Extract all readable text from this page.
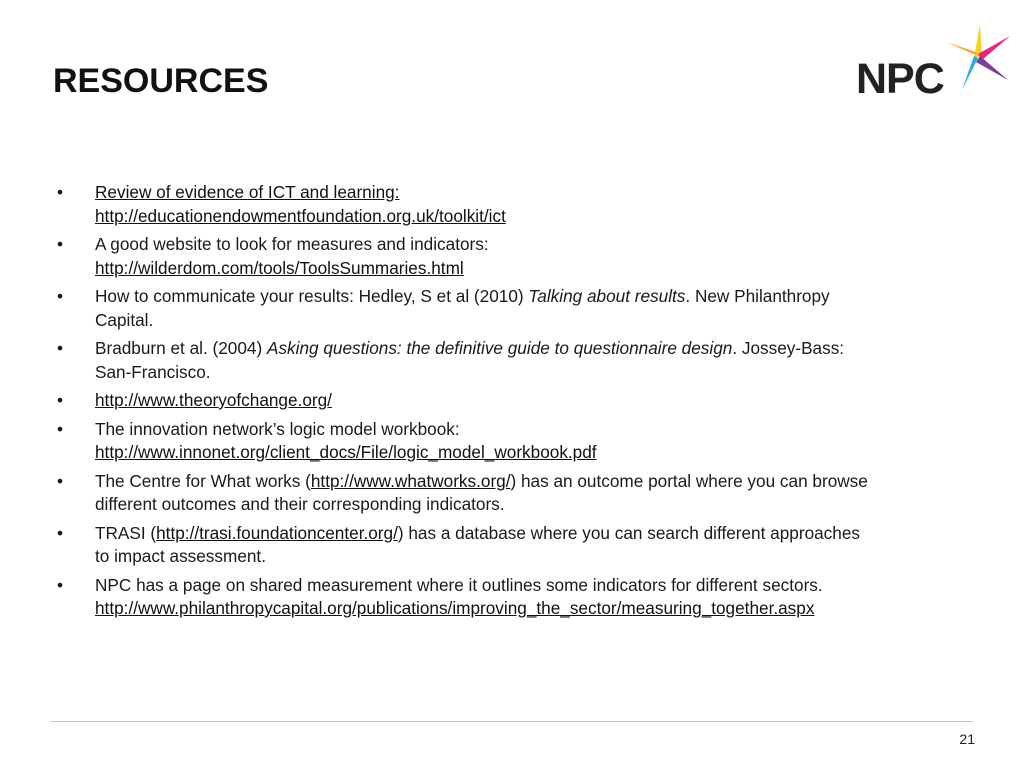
RESOURCES	NPC
• Review of evidence of ICT and learning:
http://educationendowmentfoundation.org.uk/toolkit/ict
• A good website to look for measures and indicators:
http://wilderdom.com/tools/ToolsSummaries.html
• How to communicate your results: Hedley, S et al (2010) Talking about results. New Philanthropy Capital.
• Bradburn et al. (2004) Asking questions: the definitive guide to questionnaire design. Jossey-Bass: San-Francisco.
• http://www.theoryofchange.org/
• The innovation network’s logic model workbook:
http://www.innonet.org/client_docs/File/logic_model_workbook.pdf
• The Centre for What works (http://www.whatworks.org/) has an outcome portal where you can browse different outcomes and their corresponding indicators.
• TRASI (http://trasi.foundationcenter.org/) has a database where you can search different approaches to impact assessment.
• NPC has a page on shared measurement where it outlines some indicators for different sectors.
http://www.philanthropycapital.org/publications/improving_the_sector/measuring_together.aspx
21
